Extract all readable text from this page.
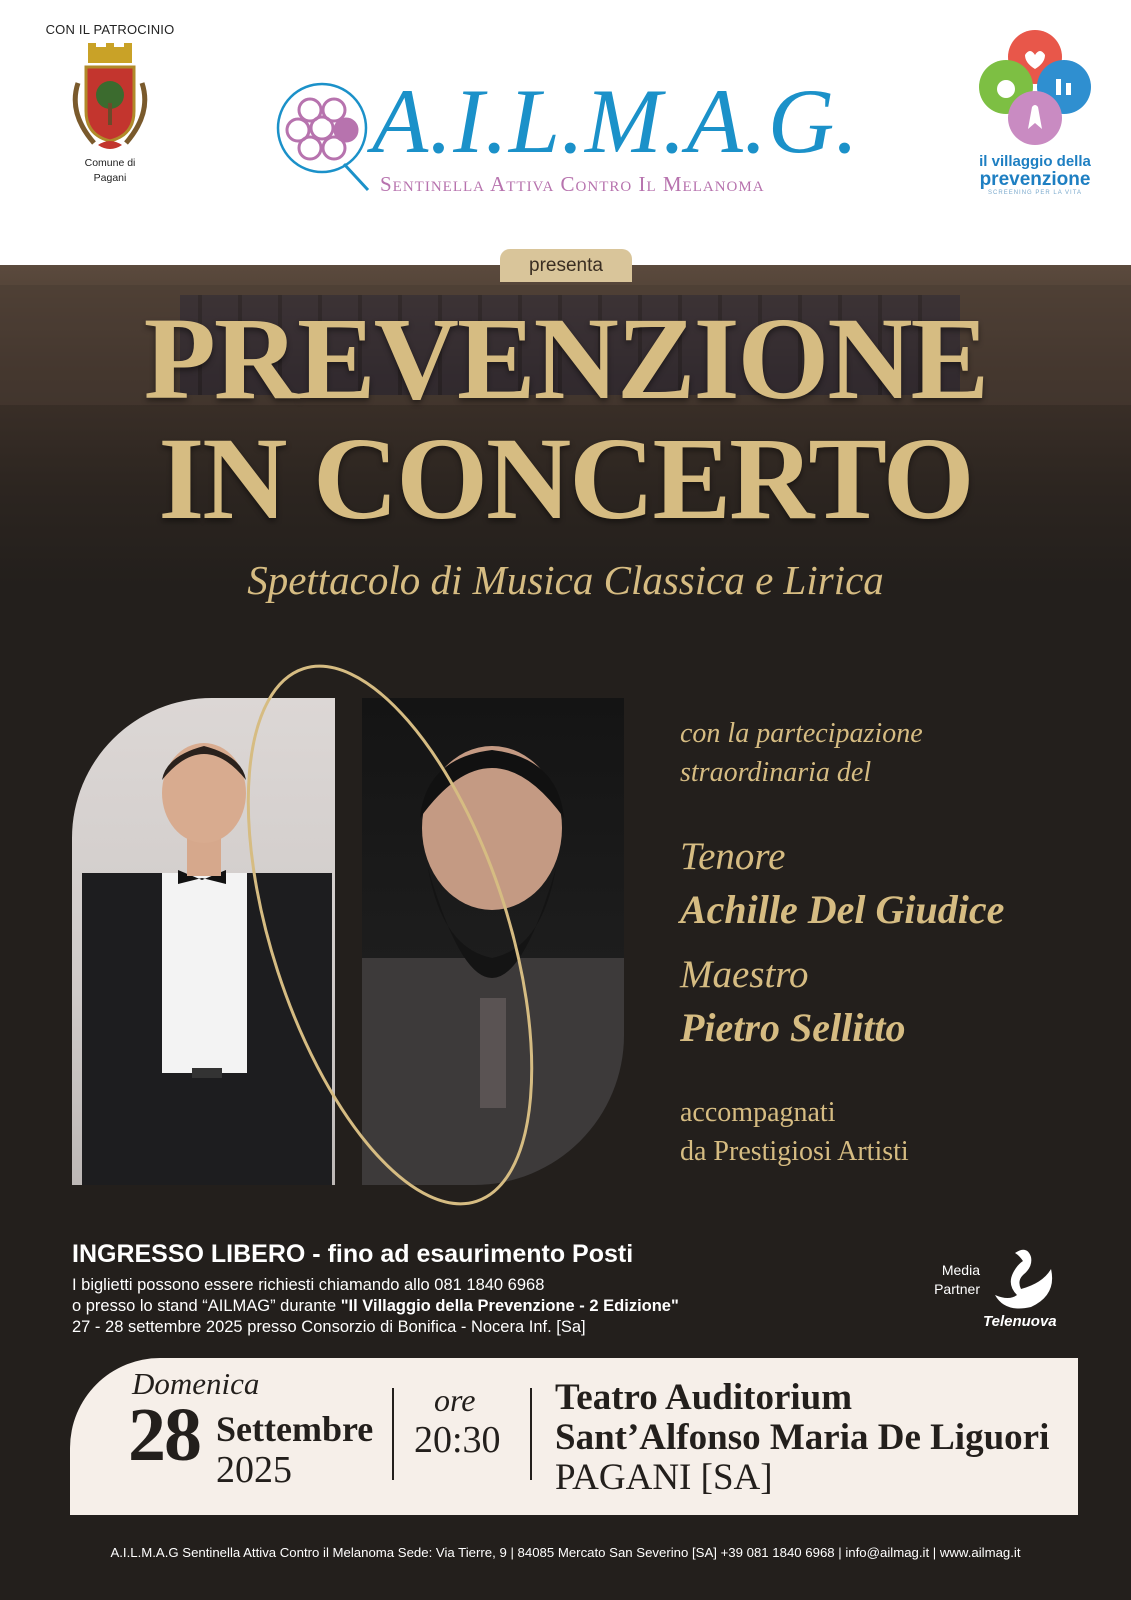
CON IL PATROCINIO
Comune di
Pagani
A.I.L.M.A.G.
Sentinella Attiva Contro Il Melanoma
il villaggio della
prevenzione
SCREENING PER LA VITA
presenta
PREVENZIONE
IN CONCERTO
Spettacolo di Musica Classica e Lirica
con la partecipazione
straordinaria del
Tenore
Achille Del Giudice
Maestro
Pietro Sellitto
accompagnati
da Prestigiosi Artisti
INGRESSO LIBERO - fino ad esaurimento Posti
I biglietti possono essere richiesti chiamando allo 081 1840 6968
o presso lo stand “AILMAG” durante "Il Villaggio della Prevenzione - 2 Edizione"
27 - 28 settembre 2025 presso Consorzio di Bonifica - Nocera Inf. [Sa]
Media
Partner
Telenuova
Domenica
28 Settembre
2025
ore
20:30
Teatro Auditorium
Sant’Alfonso Maria De Liguori
PAGANI [SA]
A.I.L.M.A.G Sentinella Attiva Contro il Melanoma Sede: Via Tierre, 9 | 84085 Mercato San Severino [SA] +39 081 1840 6968 | info@ailmag.it | www.ailmag.it
